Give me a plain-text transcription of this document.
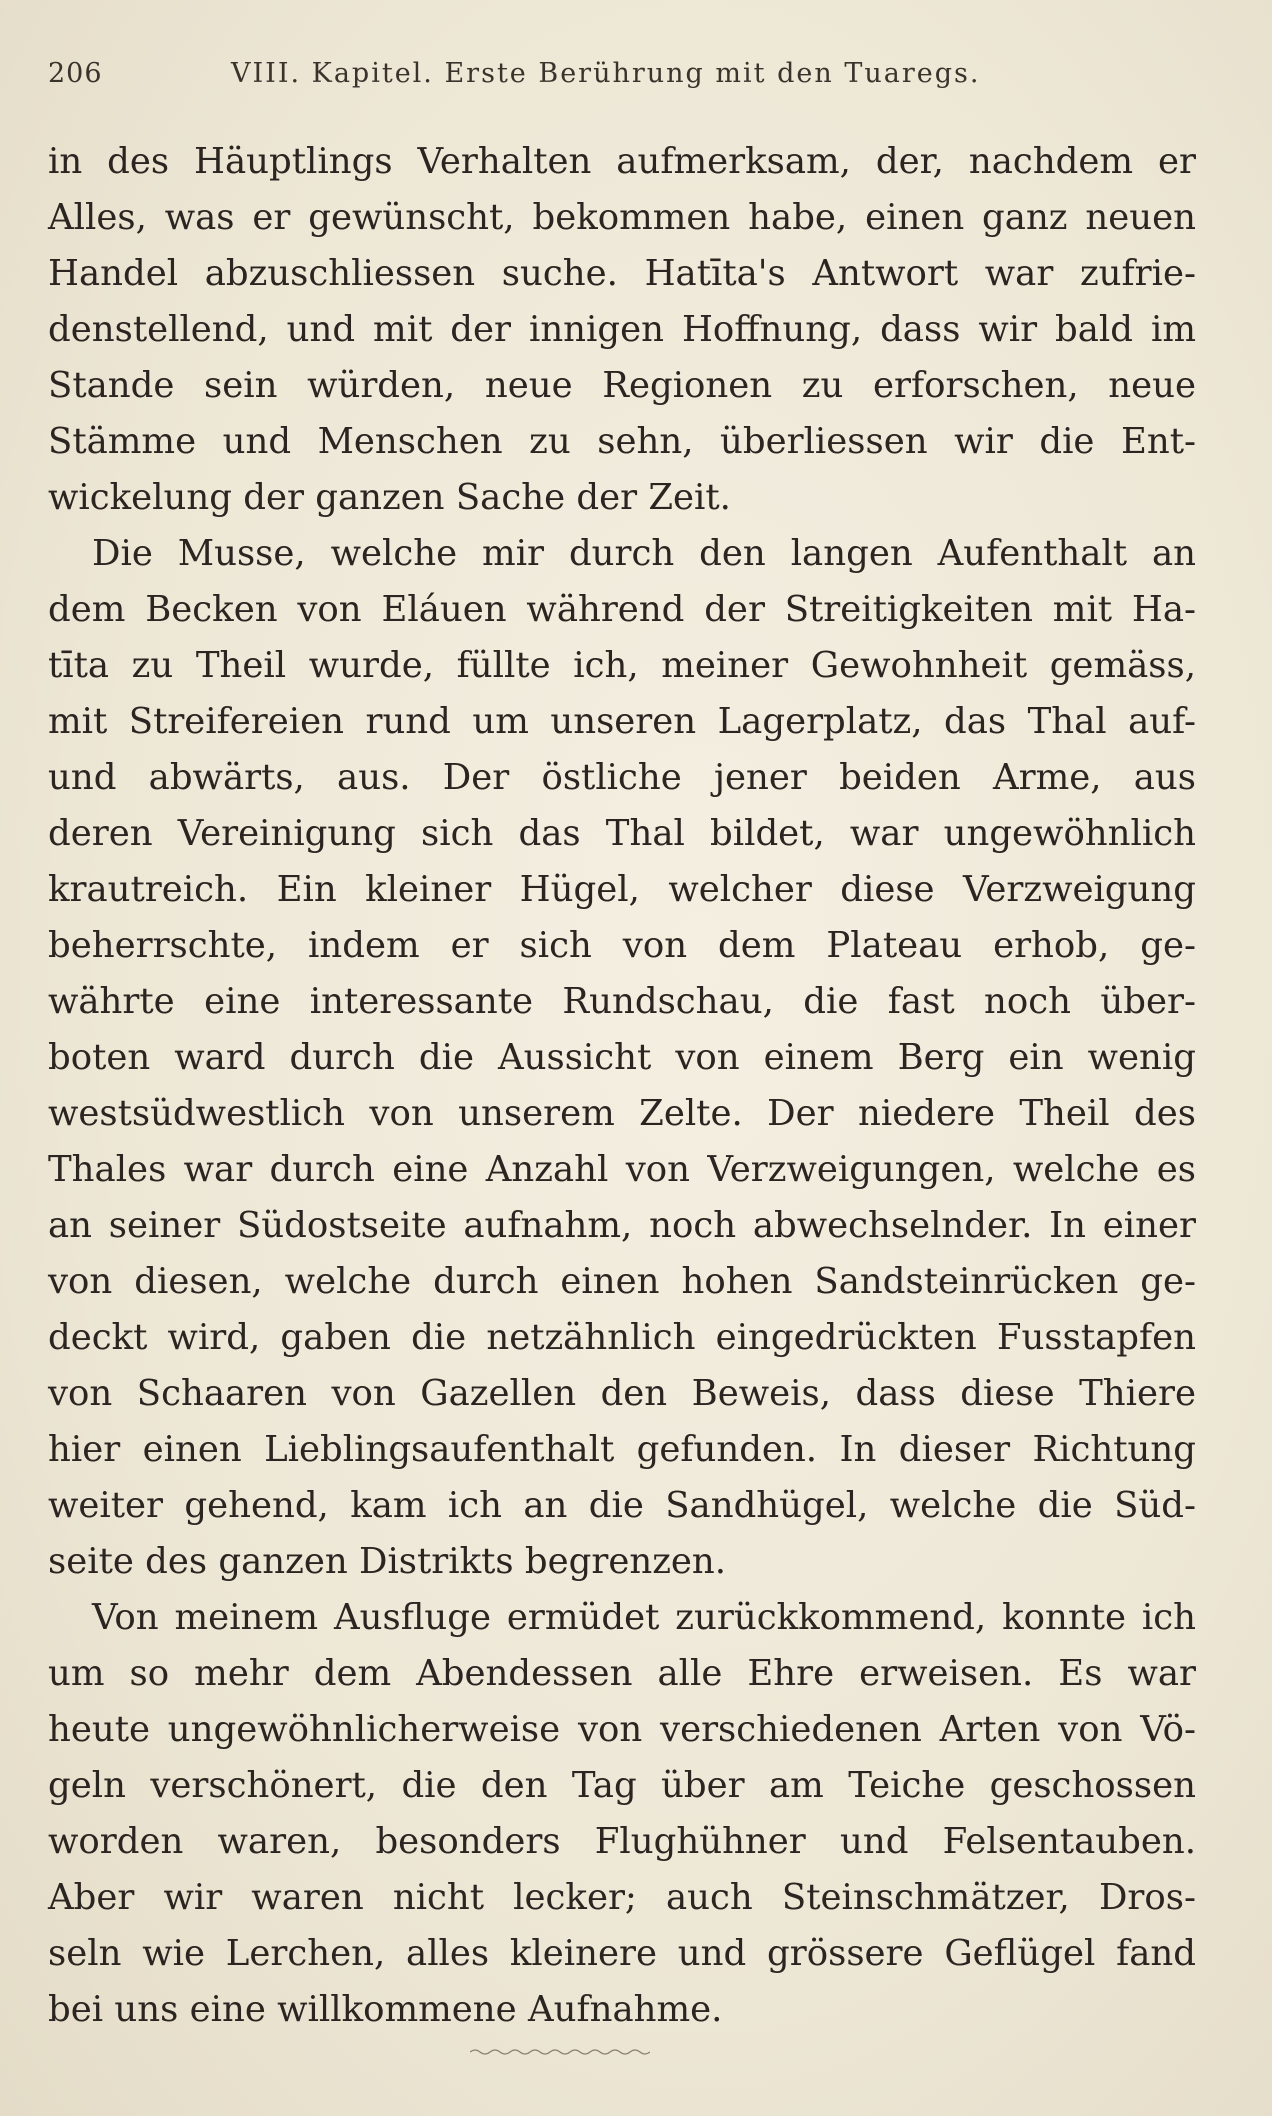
206	VIII. Kapitel. Erste Berührung mit den Tuaregs.
in des Häuptlings Verhalten aufmerksam, der, nachdem er
Alles, was er gewünscht, bekommen habe, einen ganz neuen
Handel abzuschliessen suche. Hatīta's Antwort war zufrie-
denstellend, und mit der innigen Hoffnung, dass wir bald im
Stande sein würden, neue Regionen zu erforschen, neue
Stämme und Menschen zu sehn, überliessen wir die Ent-
wickelung der ganzen Sache der Zeit.
Die Musse, welche mir durch den langen Aufenthalt an
dem Becken von Eláuen während der Streitigkeiten mit Ha-
tīta zu Theil wurde, füllte ich, meiner Gewohnheit gemäss,
mit Streifereien rund um unseren Lagerplatz, das Thal auf-
und abwärts, aus. Der östliche jener beiden Arme, aus
deren Vereinigung sich das Thal bildet, war ungewöhnlich
krautreich. Ein kleiner Hügel, welcher diese Verzweigung
beherrschte, indem er sich von dem Plateau erhob, ge-
währte eine interessante Rundschau, die fast noch über-
boten ward durch die Aussicht von einem Berg ein wenig
westsüdwestlich von unserem Zelte. Der niedere Theil des
Thales war durch eine Anzahl von Verzweigungen, welche es
an seiner Südostseite aufnahm, noch abwechselnder. In einer
von diesen, welche durch einen hohen Sandsteinrücken ge-
deckt wird, gaben die netzähnlich eingedrückten Fusstapfen
von Schaaren von Gazellen den Beweis, dass diese Thiere
hier einen Lieblingsaufenthalt gefunden. In dieser Richtung
weiter gehend, kam ich an die Sandhügel, welche die Süd-
seite des ganzen Distrikts begrenzen.
Von meinem Ausfluge ermüdet zurückkommend, konnte ich
um so mehr dem Abendessen alle Ehre erweisen. Es war
heute ungewöhnlicherweise von verschiedenen Arten von Vö-
geln verschönert, die den Tag über am Teiche geschossen
worden waren, besonders Flughühner und Felsentauben.
Aber wir waren nicht lecker; auch Steinschmätzer, Dros-
seln wie Lerchen, alles kleinere und grössere Geflügel fand
bei uns eine willkommene Aufnahme.
